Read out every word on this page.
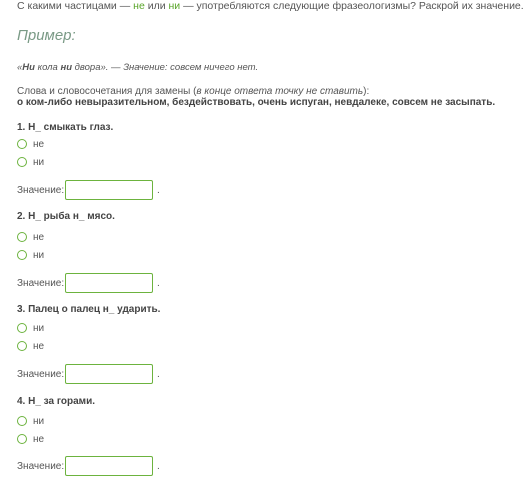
С какими частицами — не или ни — употребляются следующие фразеологизмы? Раскрой их значение.
Пример:
«Ни кола ни двора». — Значение: совсем ничего нет.
Слова и словосочетания для замены (в конце ответа точку не ставить):
о ком-либо невыразительном, бездействовать, очень испуган, невдалеке, совсем не засыпать.
1. Н_ смыкать глаз.
не
ни
Значение:	.
2. Н_ рыба н_ мясо.
не
ни
Значение:	.
3. Палец о палец н_ ударить.
ни
не
Значение:	.
4. Н_ за горами.
ни
не
Значение:	.
